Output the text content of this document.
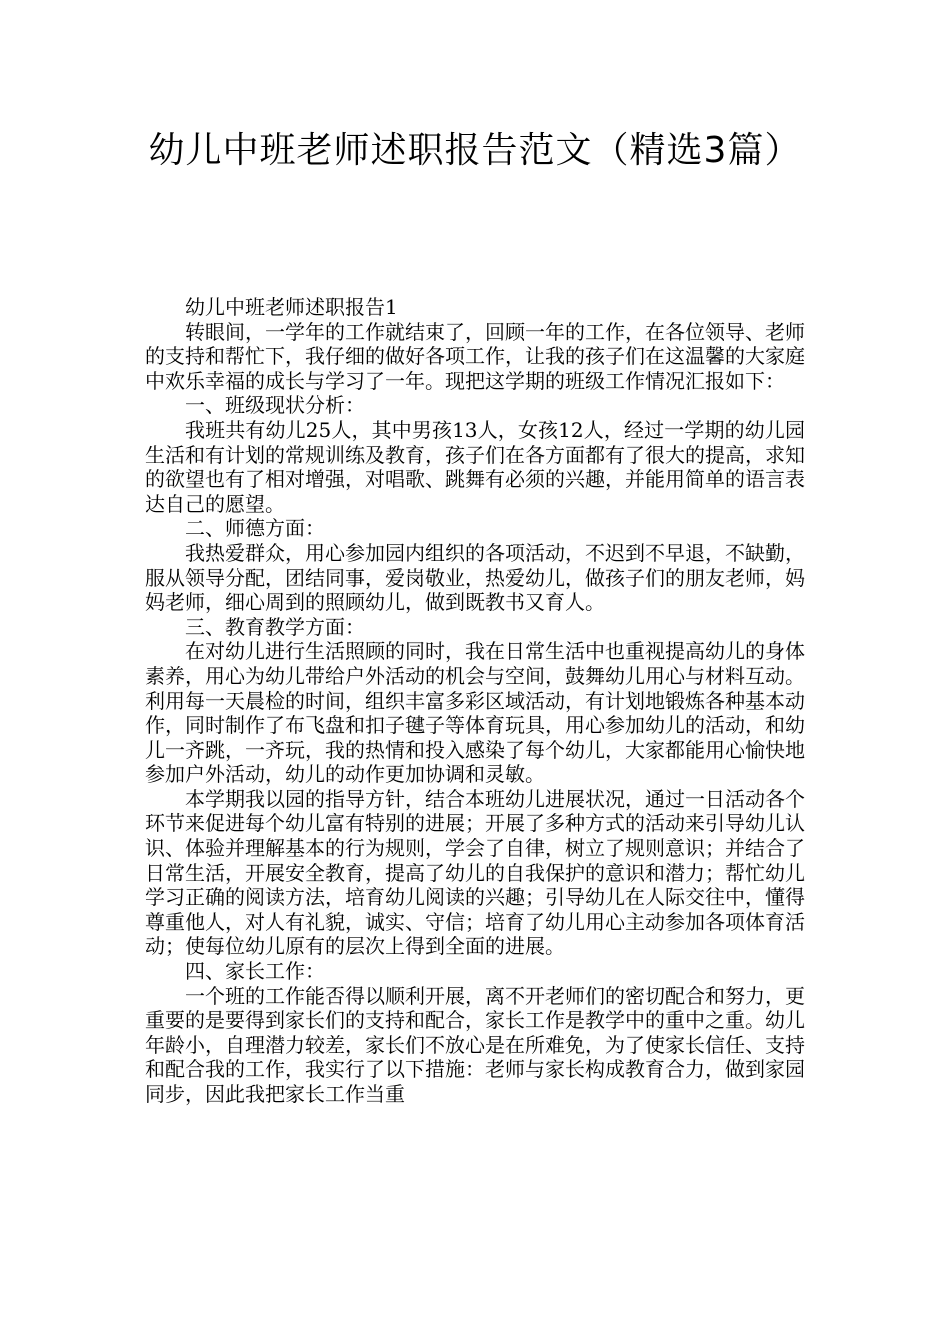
幼儿中班老师述职报告范文（精选3篇）

幼儿中班老师述职报告1

转眼间，一学年的工作就结束了，回顾一年的工作，在各位领导、老师的支持和帮忙下，我仔细的做好各项工作，让我的孩子们在这温馨的大家庭中欢乐幸福的成长与学习了一年。现把这学期的班级工作情况汇报如下：

一、班级现状分析：

我班共有幼儿25人，其中男孩13人，女孩12人，经过一学期的幼儿园生活和有计划的常规训练及教育，孩子们在各方面都有了很大的提高，求知的欲望也有了相对增强，对唱歌、跳舞有必须的兴趣，并能用简单的语言表达自己的愿望。

二、师德方面：

我热爱群众，用心参加园内组织的各项活动，不迟到不早退，不缺勤，服从领导分配，团结同事，爱岗敬业，热爱幼儿，做孩子们的朋友老师，妈妈老师，细心周到的照顾幼儿，做到既教书又育人。

三、教育教学方面：

在对幼儿进行生活照顾的同时，我在日常生活中也重视提高幼儿的身体素养，用心为幼儿带给户外活动的机会与空间，鼓舞幼儿用心与材料互动。利用每一天晨检的时间，组织丰富多彩区域活动，有计划地锻炼各种基本动作，同时制作了布飞盘和扣子毽子等体育玩具，用心参加幼儿的活动，和幼儿一齐跳，一齐玩，我的热情和投入感染了每个幼儿，大家都能用心愉快地参加户外活动，幼儿的动作更加协调和灵敏。

本学期我以园的指导方针，结合本班幼儿进展状况，通过一日活动各个环节来促进每个幼儿富有特别的进展；开展了多种方式的活动来引导幼儿认识、体验并理解基本的行为规则，学会了自律，树立了规则意识；并结合了日常生活，开展安全教育，提高了幼儿的自我保护的意识和潜力；帮忙幼儿学习正确的阅读方法，培育幼儿阅读的兴趣；引导幼儿在人际交往中，懂得尊重他人，对人有礼貌，诚实、守信；培育了幼儿用心主动参加各项体育活动；使每位幼儿原有的层次上得到全面的进展。

四、家长工作：

一个班的工作能否得以顺利开展，离不开老师们的密切配合和努力，更重要的是要得到家长们的支持和配合，家长工作是教学中的重中之重。幼儿年龄小，自理潜力较差，家长们不放心是在所难免，为了使家长信任、支持和配合我的工作，我实行了以下措施：老师与家长构成教育合力，做到家园同步，因此我把家长工作当重
